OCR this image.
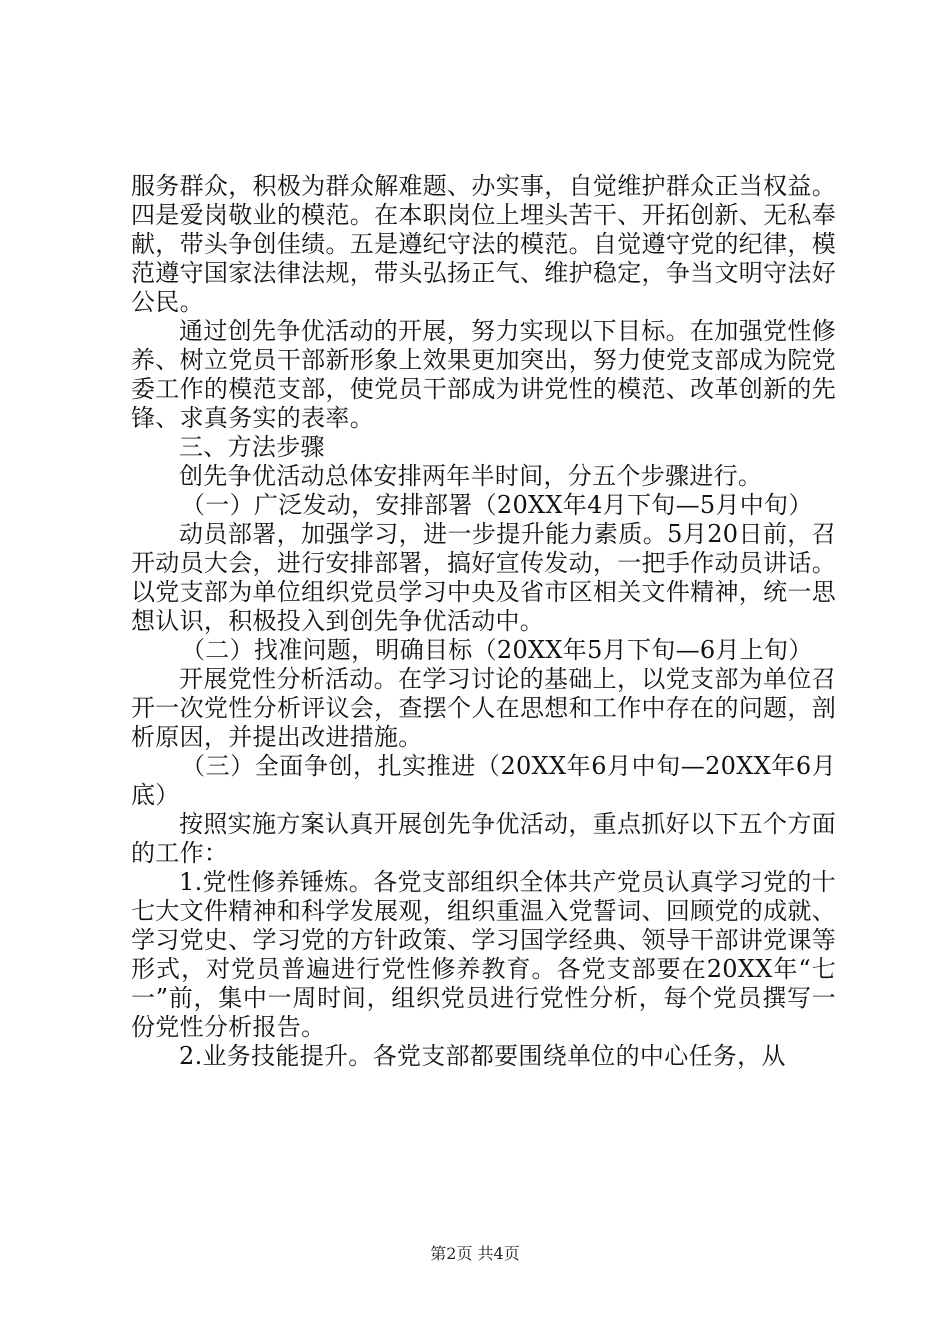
服务群众，积极为群众解难题、办实事，自觉维护群众正当权益。四是爱岗敬业的模范。在本职岗位上埋头苦干、开拓创新、无私奉献，带头争创佳绩。五是遵纪守法的模范。自觉遵守党的纪律，模范遵守国家法律法规，带头弘扬正气、维护稳定，争当文明守法好公民。

通过创先争优活动的开展，努力实现以下目标。在加强党性修养、树立党员干部新形象上效果更加突出，努力使党支部成为院党委工作的模范支部，使党员干部成为讲党性的模范、改革创新的先锋、求真务实的表率。

三、方法步骤

创先争优活动总体安排两年半时间，分五个步骤进行。

（一）广泛发动，安排部署（20XX年4月下旬—5月中旬）

动员部署，加强学习，进一步提升能力素质。5月20日前，召开动员大会，进行安排部署，搞好宣传发动，一把手作动员讲话。以党支部为单位组织党员学习中央及省市区相关文件精神，统一思想认识，积极投入到创先争优活动中。

（二）找准问题，明确目标（20XX年5月下旬—6月上旬）

开展党性分析活动。在学习讨论的基础上，以党支部为单位召开一次党性分析评议会，查摆个人在思想和工作中存在的问题，剖析原因，并提出改进措施。

（三）全面争创，扎实推进（20XX年6月中旬—20XX年6月底）

按照实施方案认真开展创先争优活动，重点抓好以下五个方面的工作：

1.党性修养锤炼。各党支部组织全体共产党员认真学习党的十七大文件精神和科学发展观，组织重温入党誓词、回顾党的成就、学习党史、学习党的方针政策、学习国学经典、领导干部讲党课等形式，对党员普遍进行党性修养教育。各党支部要在20XX年“七一”前，集中一周时间，组织党员进行党性分析，每个党员撰写一份党性分析报告。

2.业务技能提升。各党支部都要围绕单位的中心任务，从

第2页 共4页
